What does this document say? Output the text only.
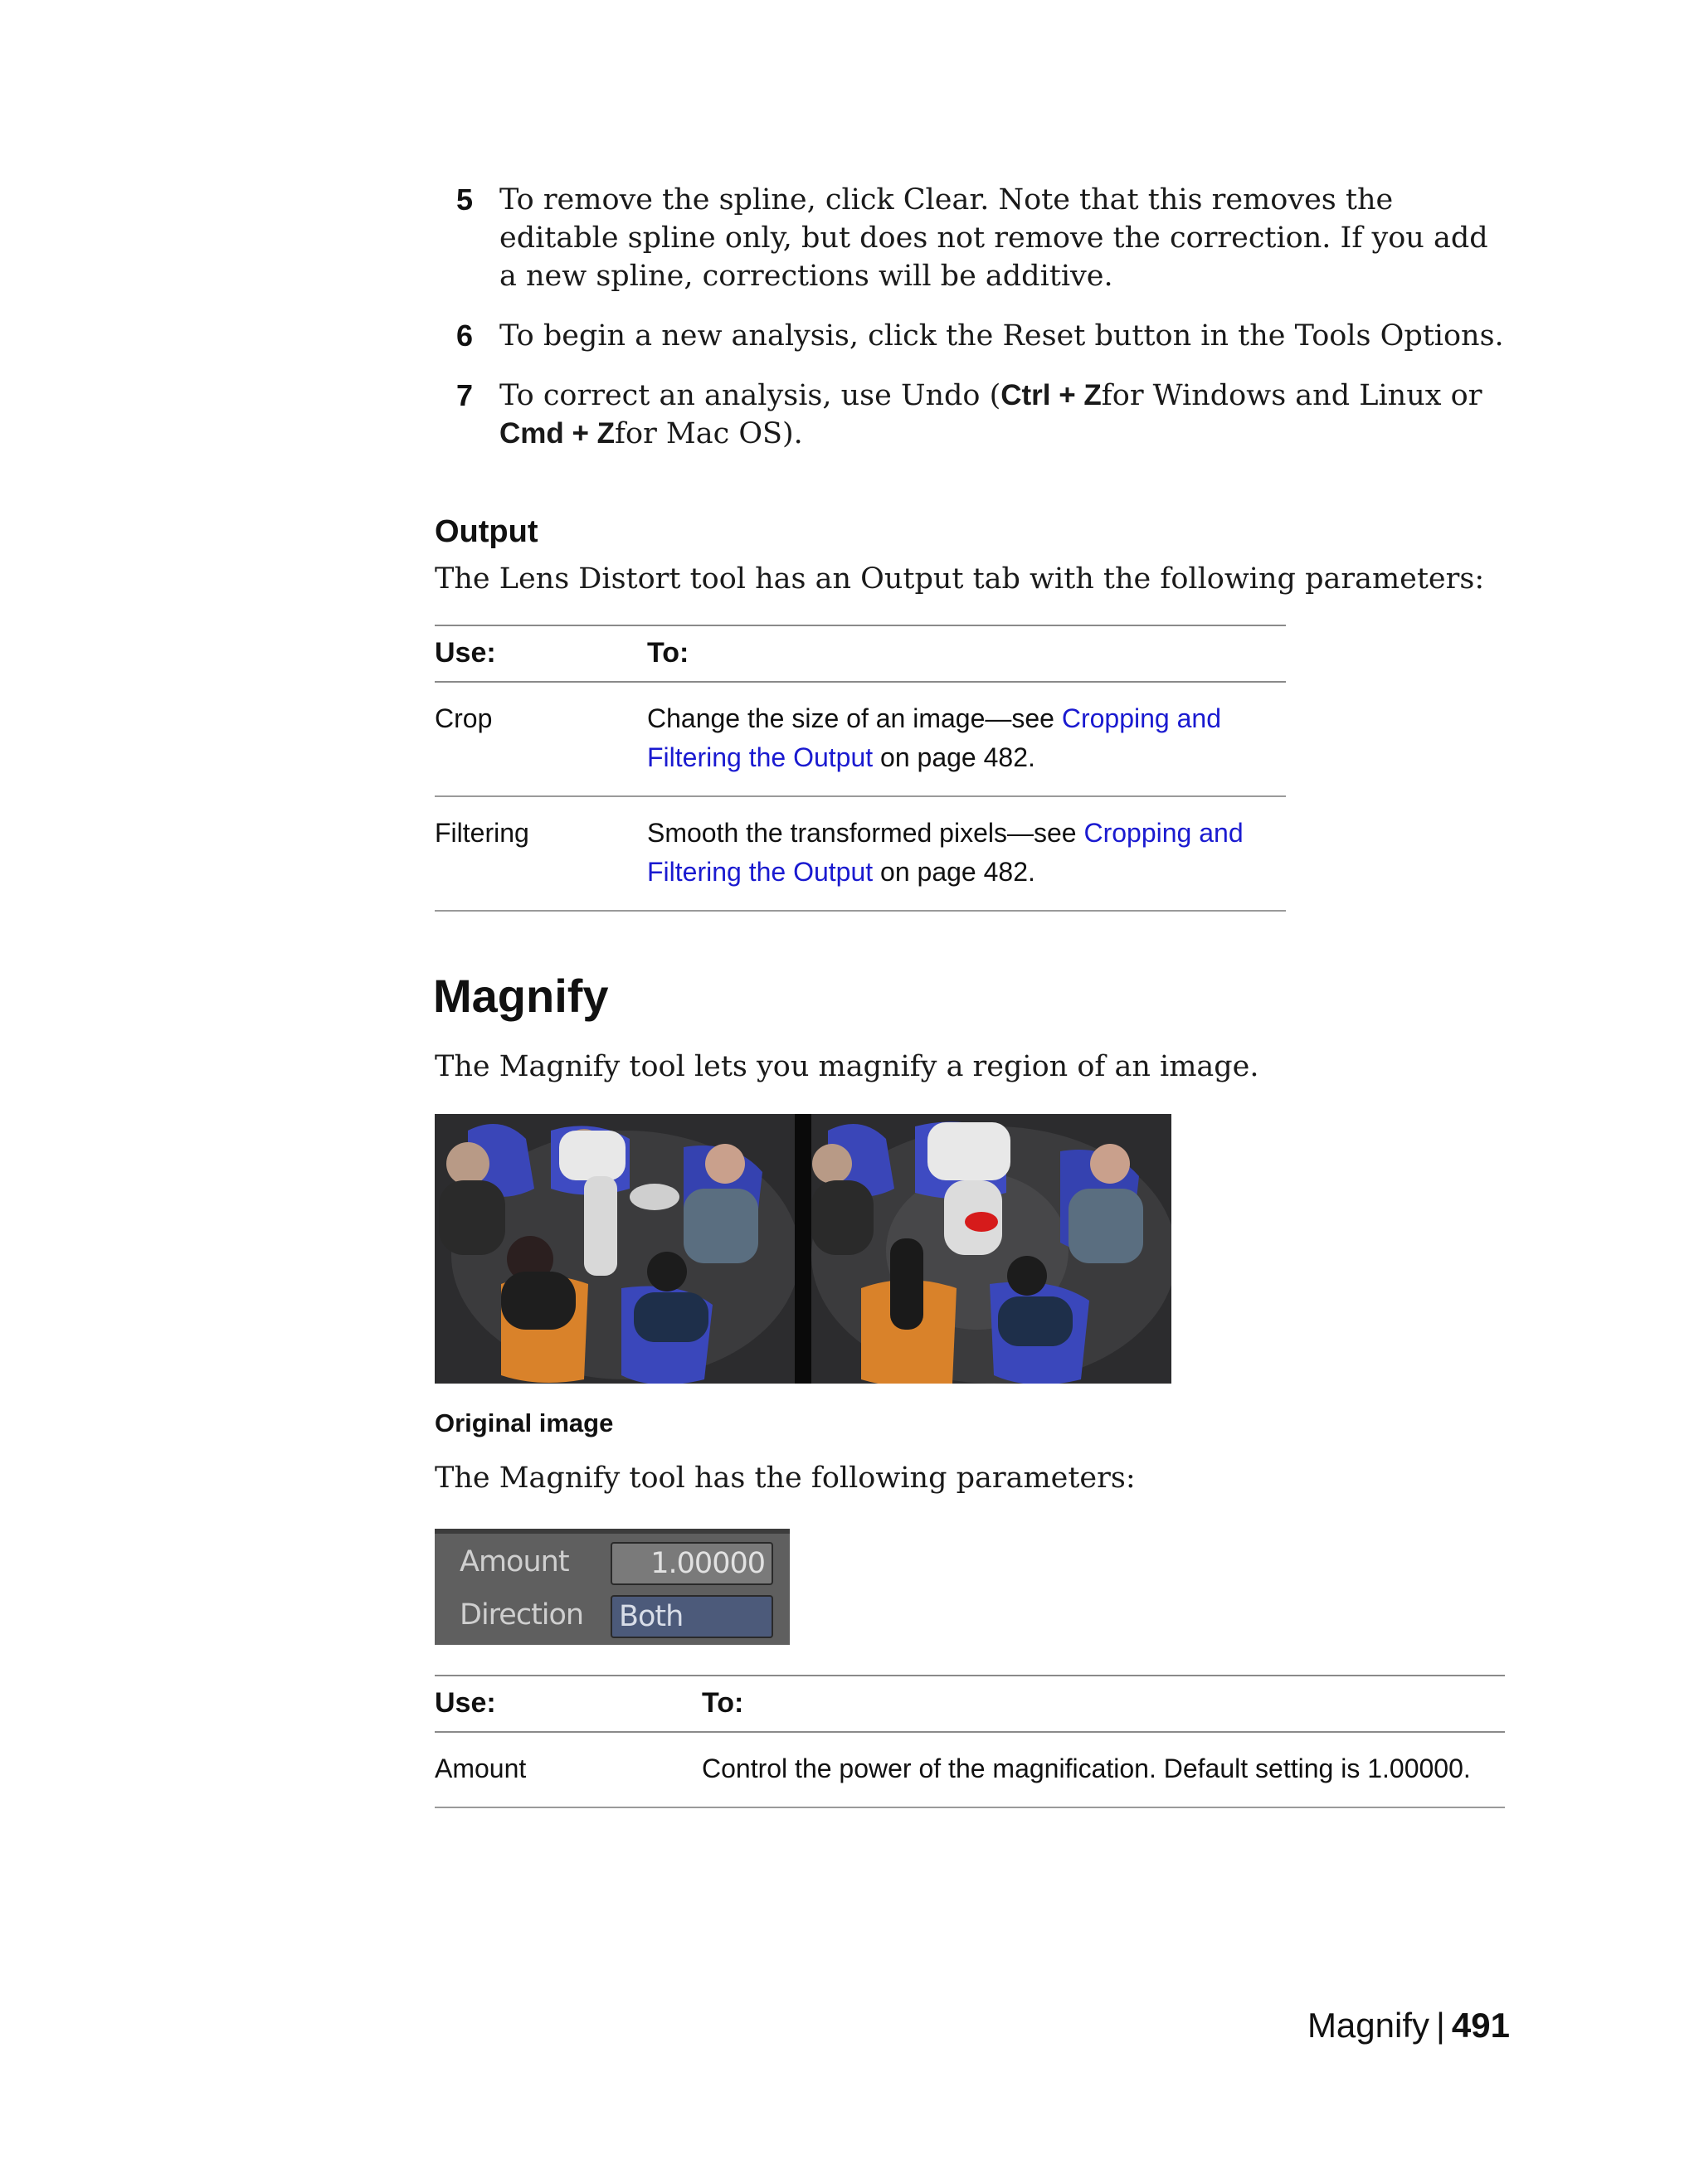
5 To remove the spline, click Clear. Note that this removes the editable spline only, but does not remove the correction. If you add a new spline, corrections will be additive.
6 To begin a new analysis, click the Reset button in the Tools Options.
7 To correct an analysis, use Undo (Ctrl + Zfor Windows and Linux or Cmd + Zfor Mac OS).
Output
The Lens Distort tool has an Output tab with the following parameters:
Use:	To:
Crop	Change the size of an image—see Cropping and Filtering the Output on page 482.
Filtering	Smooth the transformed pixels—see Cropping and Filtering the Output on page 482.
Magnify
The Magnify tool lets you magnify a region of an image.
Original image
The Magnify tool has the following parameters:
Amount	1.00000
Direction Both
Use:	To:
Amount	Control the power of the magnification. Default setting is 1.00000.
Magnify | 491
